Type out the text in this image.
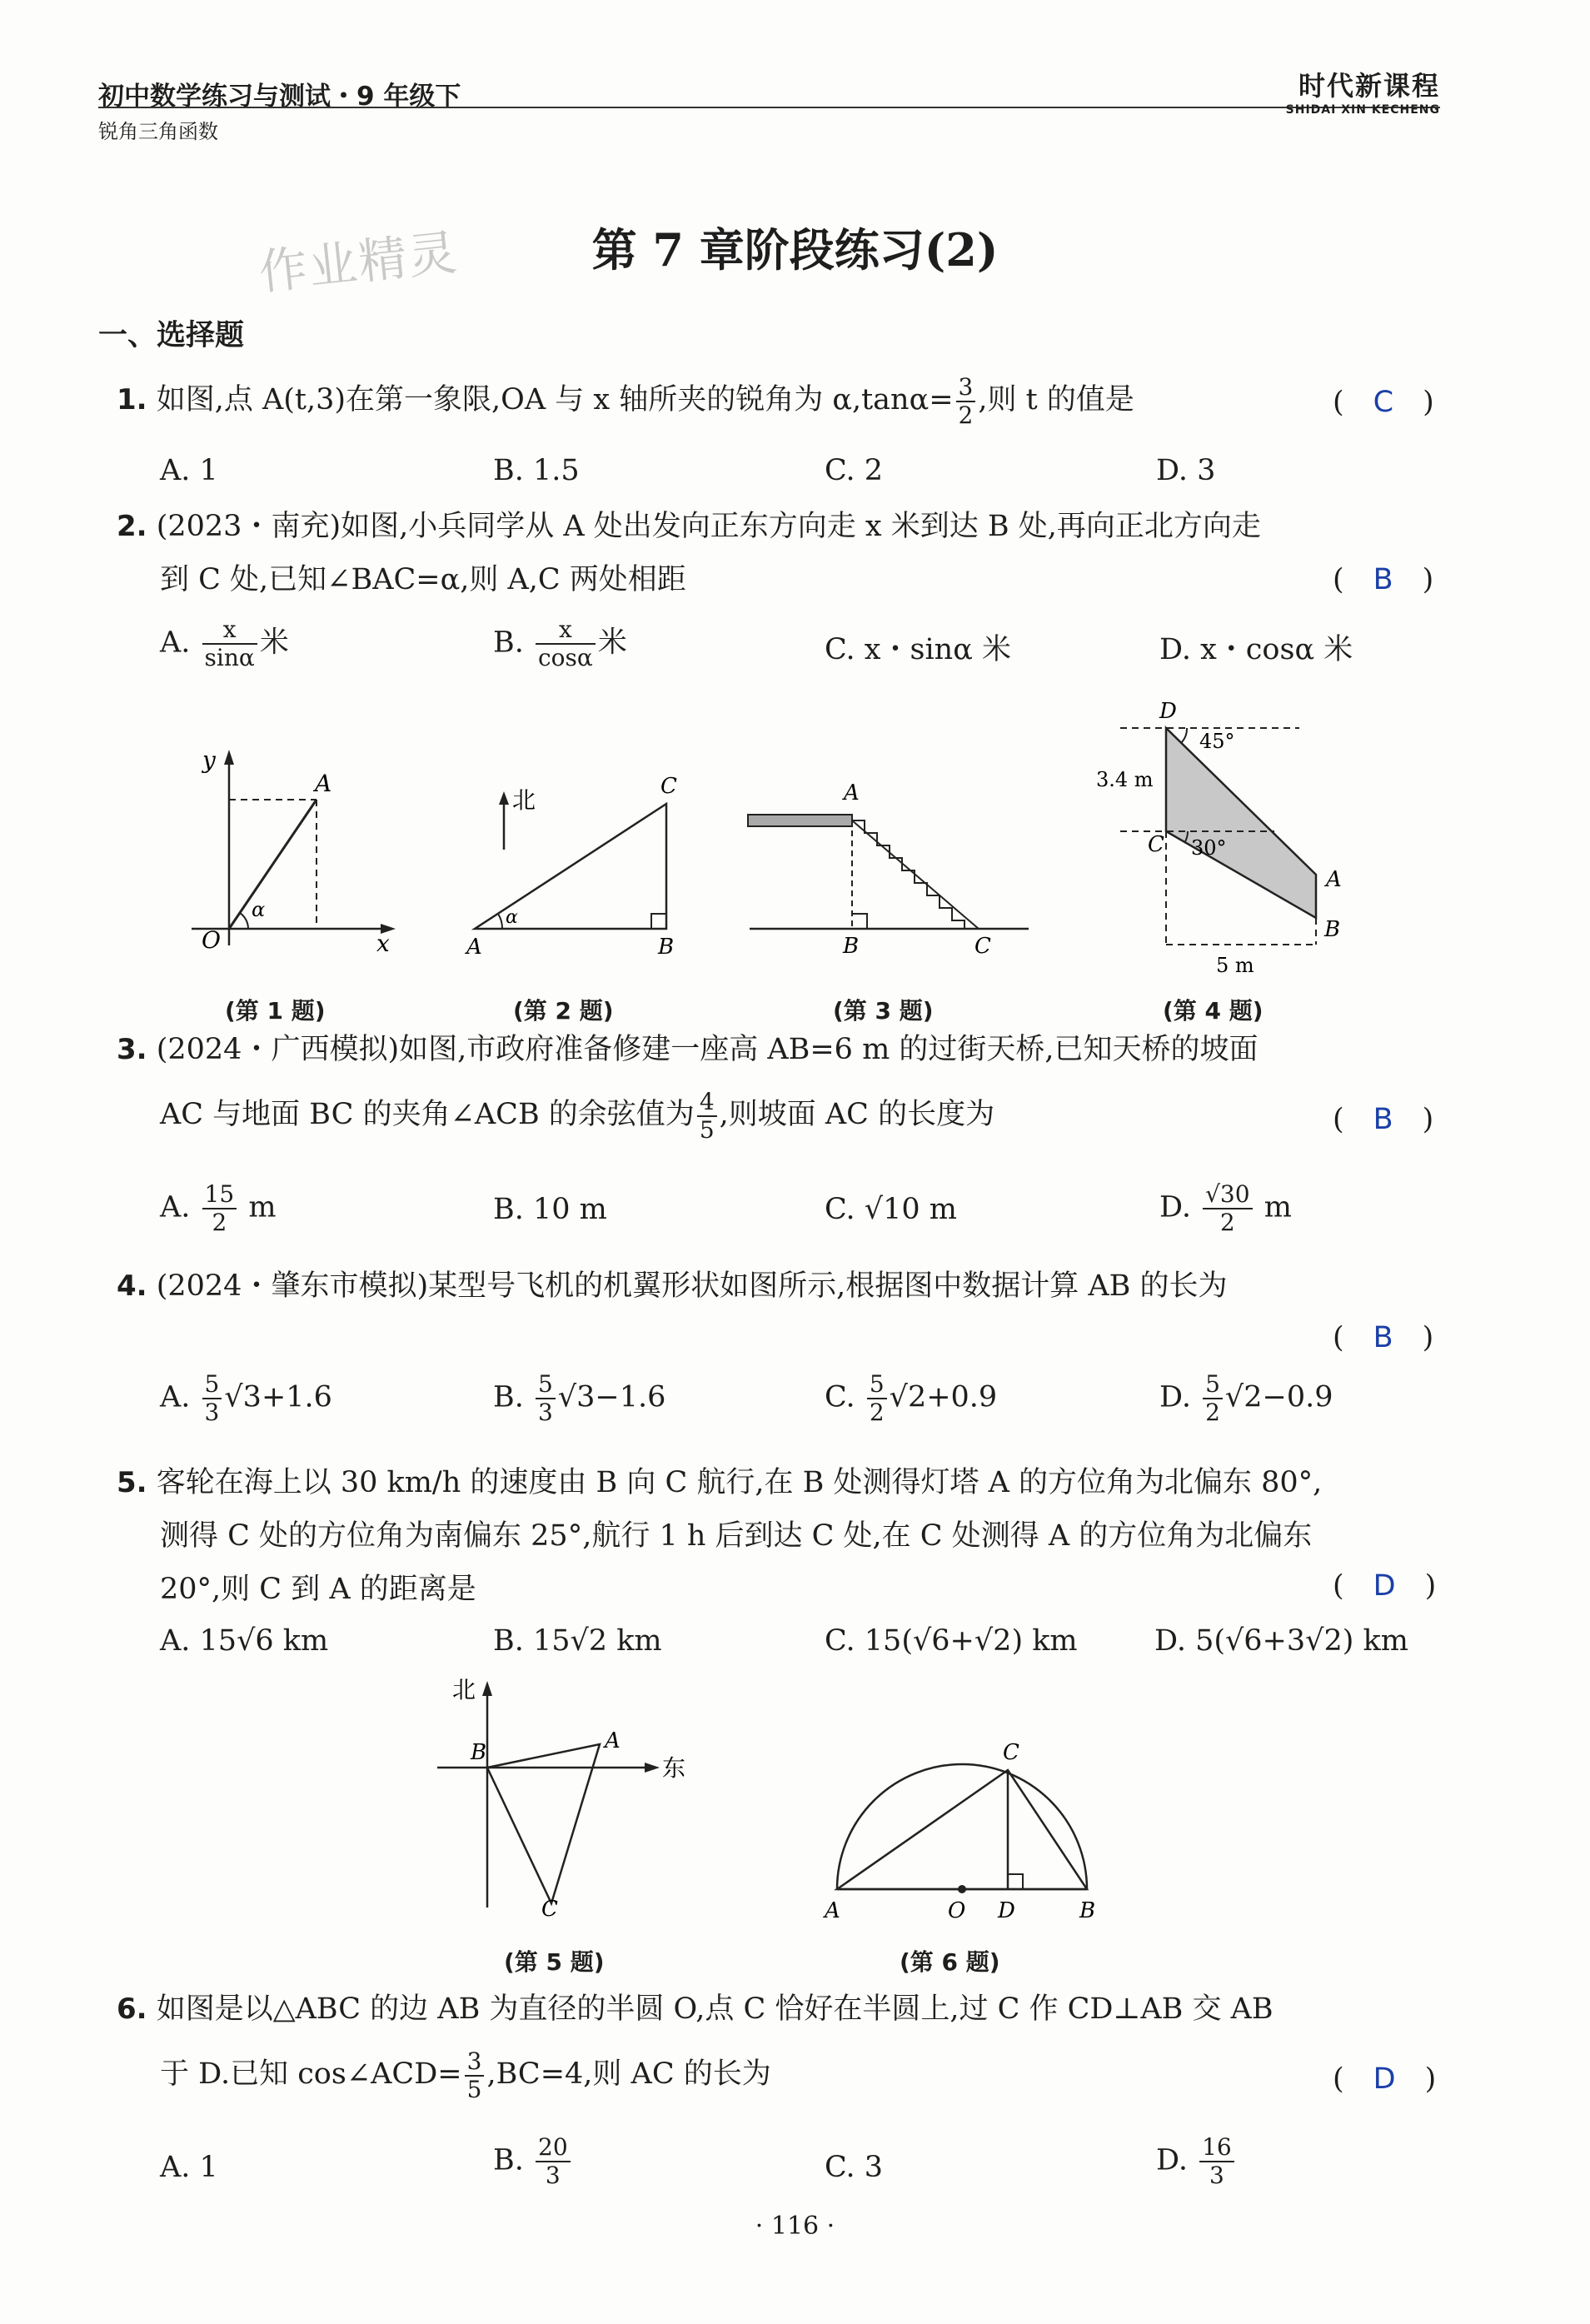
初中数学练习与测试・9 年级下
锐角三角函数
时代新课程
SHIDAI XIN KECHENG
作业精灵	第 7 章阶段练习(2)
一、选择题
1. 如图,点 A(t,3)在第一象限,OA 与 x 轴所夹的锐角为 $\alpha,\tan\alpha= \frac{3}{2}$ ,则 t 的值是	(　C　)
A. 1	B. 1.5	C. 2	D. 3
2. (2023・南充)如图,小兵同学从 A 处出发向正东方向走 x 米到达 B 处,再向正北方向走
到 C 处,已知∠BAC=α,则 A,C 两处相距	(　B　)
A. $\frac{x}{\sin\alpha}$ 米	B. $\frac{x}{\cos\alpha}$ 米	C. x・sinα 米	D. x・cosα 米
y
x
O
A
α
(第 1 题)
北
A	B
C
α
(第 2 题)
A
B	C
(第 3 题)
D
C
A
B
3.4 m
5 m
45°
30°
(第 4 题)
3. (2024・广西模拟)如图,市政府准备修建一座高 AB=6 m 的过街天桥,已知天桥的坡面
AC 与地面 BC 的夹角∠ACB 的余弦值为 $\frac{4}{5}$ ,则坡面 AC 的长度为	(　B　)
A. $\frac{15}{2}$ m	B. 10 m	C. √10 m	D. $\frac{√30}{2}$ m
4. (2024・肇东市模拟)某型号飞机的机翼形状如图所示,根据图中数据计算 AB 的长为
(　B　)
A. $\frac{5}{3} √3+1.6$	B. $\frac{5}{3} √3-1.6$	C. $\frac{5}{2} √2+0.9$	D. $\frac{5}{2} √2-0.9$
5. 客轮在海上以 30 km/h 的速度由 B 向 C 航行,在 B 处测得灯塔 A 的方位角为北偏东 80°,
测得 C 处的方位角为南偏东 25°,航行 1 h 后到达 C 处,在 C 处测得 A 的方位角为北偏东
20°,则 C 到 A 的距离是	(　D　)
A. 15√6 km	B. 15√2 km	C. 15(√6+√2) km	D. 5(√6+3√2) km
北
东
A
B
C
(第 5 题)
A	B
C
D
O
(第 6 题)
6. 如图是以△ABC 的边 AB 为直径的半圆 O,点 C 恰好在半圆上,过 C 作 CD⊥AB 交 AB
于 D.已知 cos∠ACD= $\frac{3}{5} ,BC=4$,则 AC 的长为	(　D　)
A. 1	B. $\frac{20}{3}$	C. 3	D. $\frac{16}{3}$
· 116 ·
